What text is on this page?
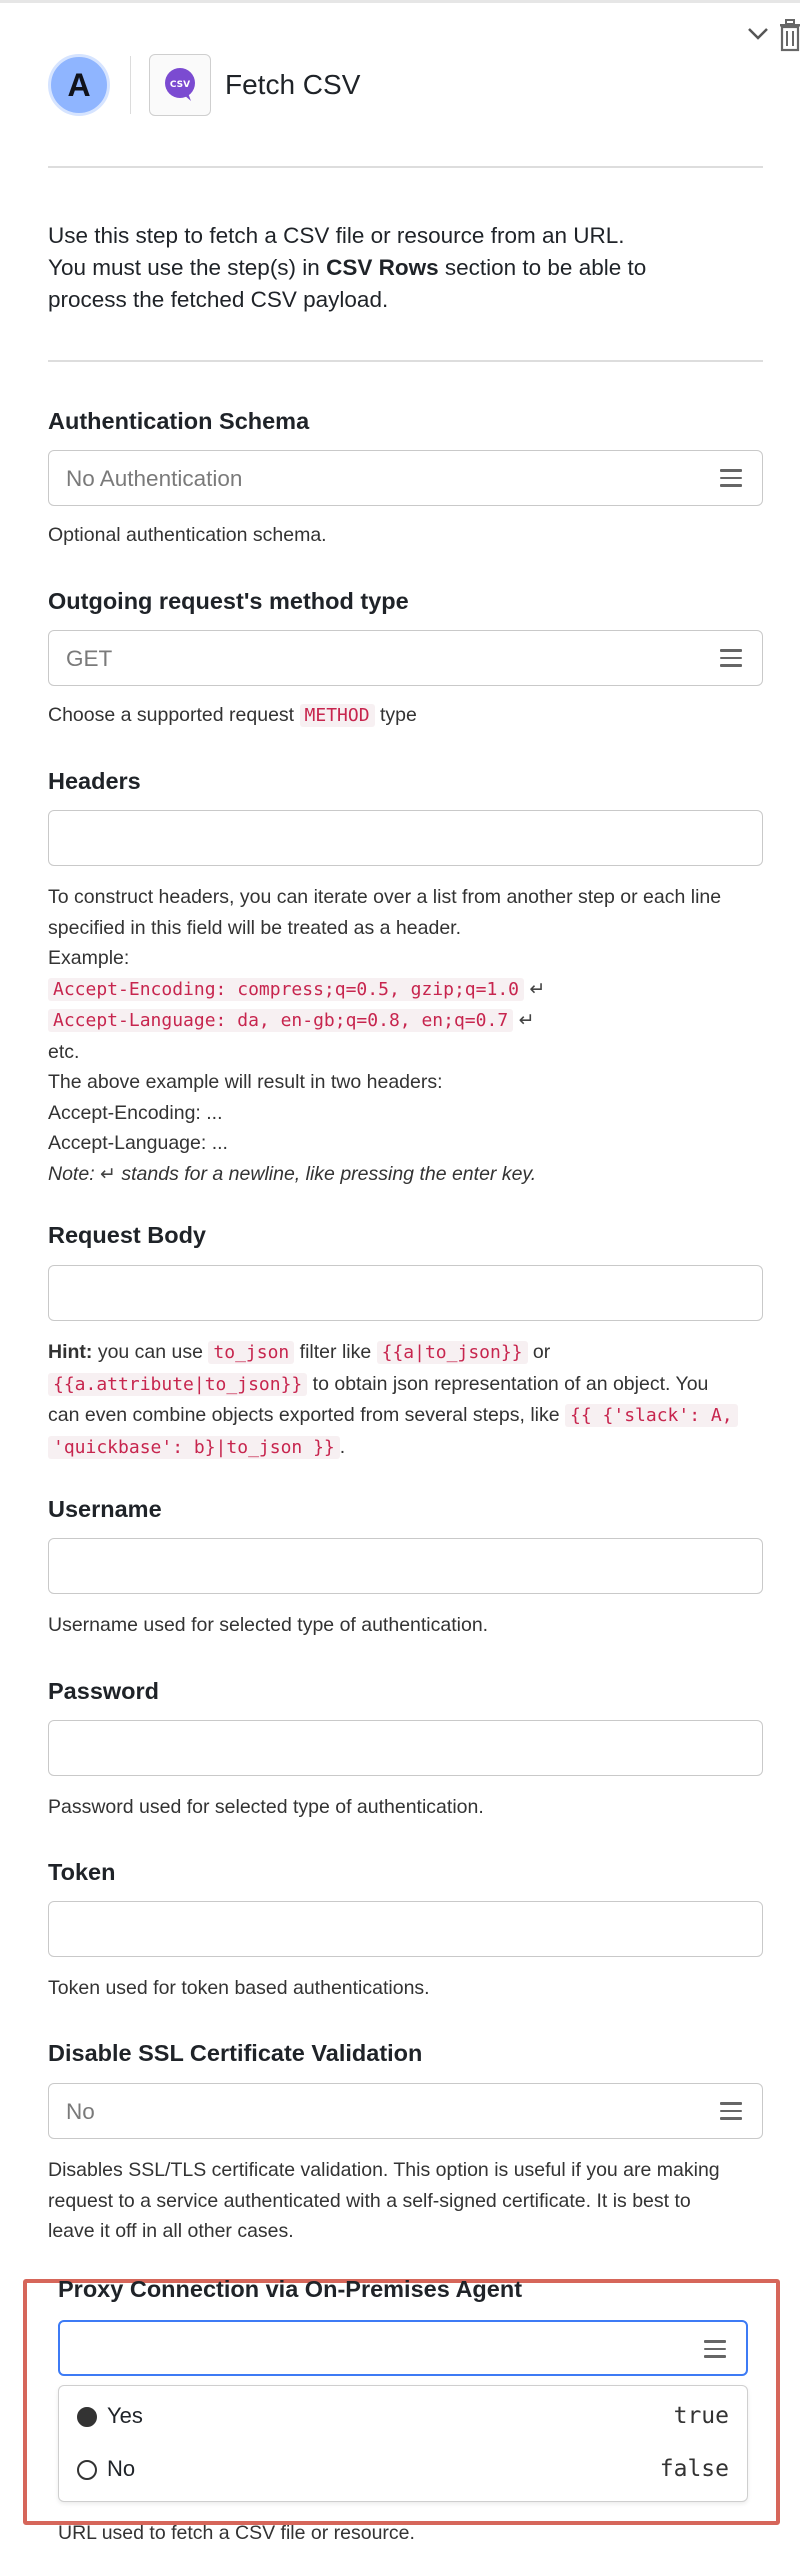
A	CSV Fetch CSV
Use this step to fetch a CSV file or resource from an URL.
You must use the step(s) in CSV Rows section to be able to
process the fetched CSV payload.
Authentication Schema
No Authentication
Optional authentication schema.
Outgoing request's method type
GET
Choose a supported request METHOD type
Headers
To construct headers, you can iterate over a list from another step or each line
specified in this field will be treated as a header.
Example:
Accept-Encoding: compress;q=0.5, gzip;q=1.0 ↵
Accept-Language: da, en-gb;q=0.8, en;q=0.7 ↵
etc.
The above example will result in two headers:
Accept-Encoding: ...
Accept-Language: ...
Note: ↵ stands for a newline, like pressing the enter key.
Request Body
Hint: you can use to_json filter like {{a|to_json}} or
{{a.attribute|to_json}} to obtain json representation of an object. You
can even combine objects exported from several steps, like {{ {'slack': A,
'quickbase': b}|to_json }} .
Username
Username used for selected type of authentication.
Password
Password used for selected type of authentication.
Token
Token used for token based authentications.
Disable SSL Certificate Validation
No
Disables SSL/TLS certificate validation. This option is useful if you are making
request to a service authenticated with a self-signed certificate. It is best to
leave it off in all other cases.
Proxy Connection via On-Premises Agent
Yes	true
No	false
URL used to fetch a CSV file or resource.
